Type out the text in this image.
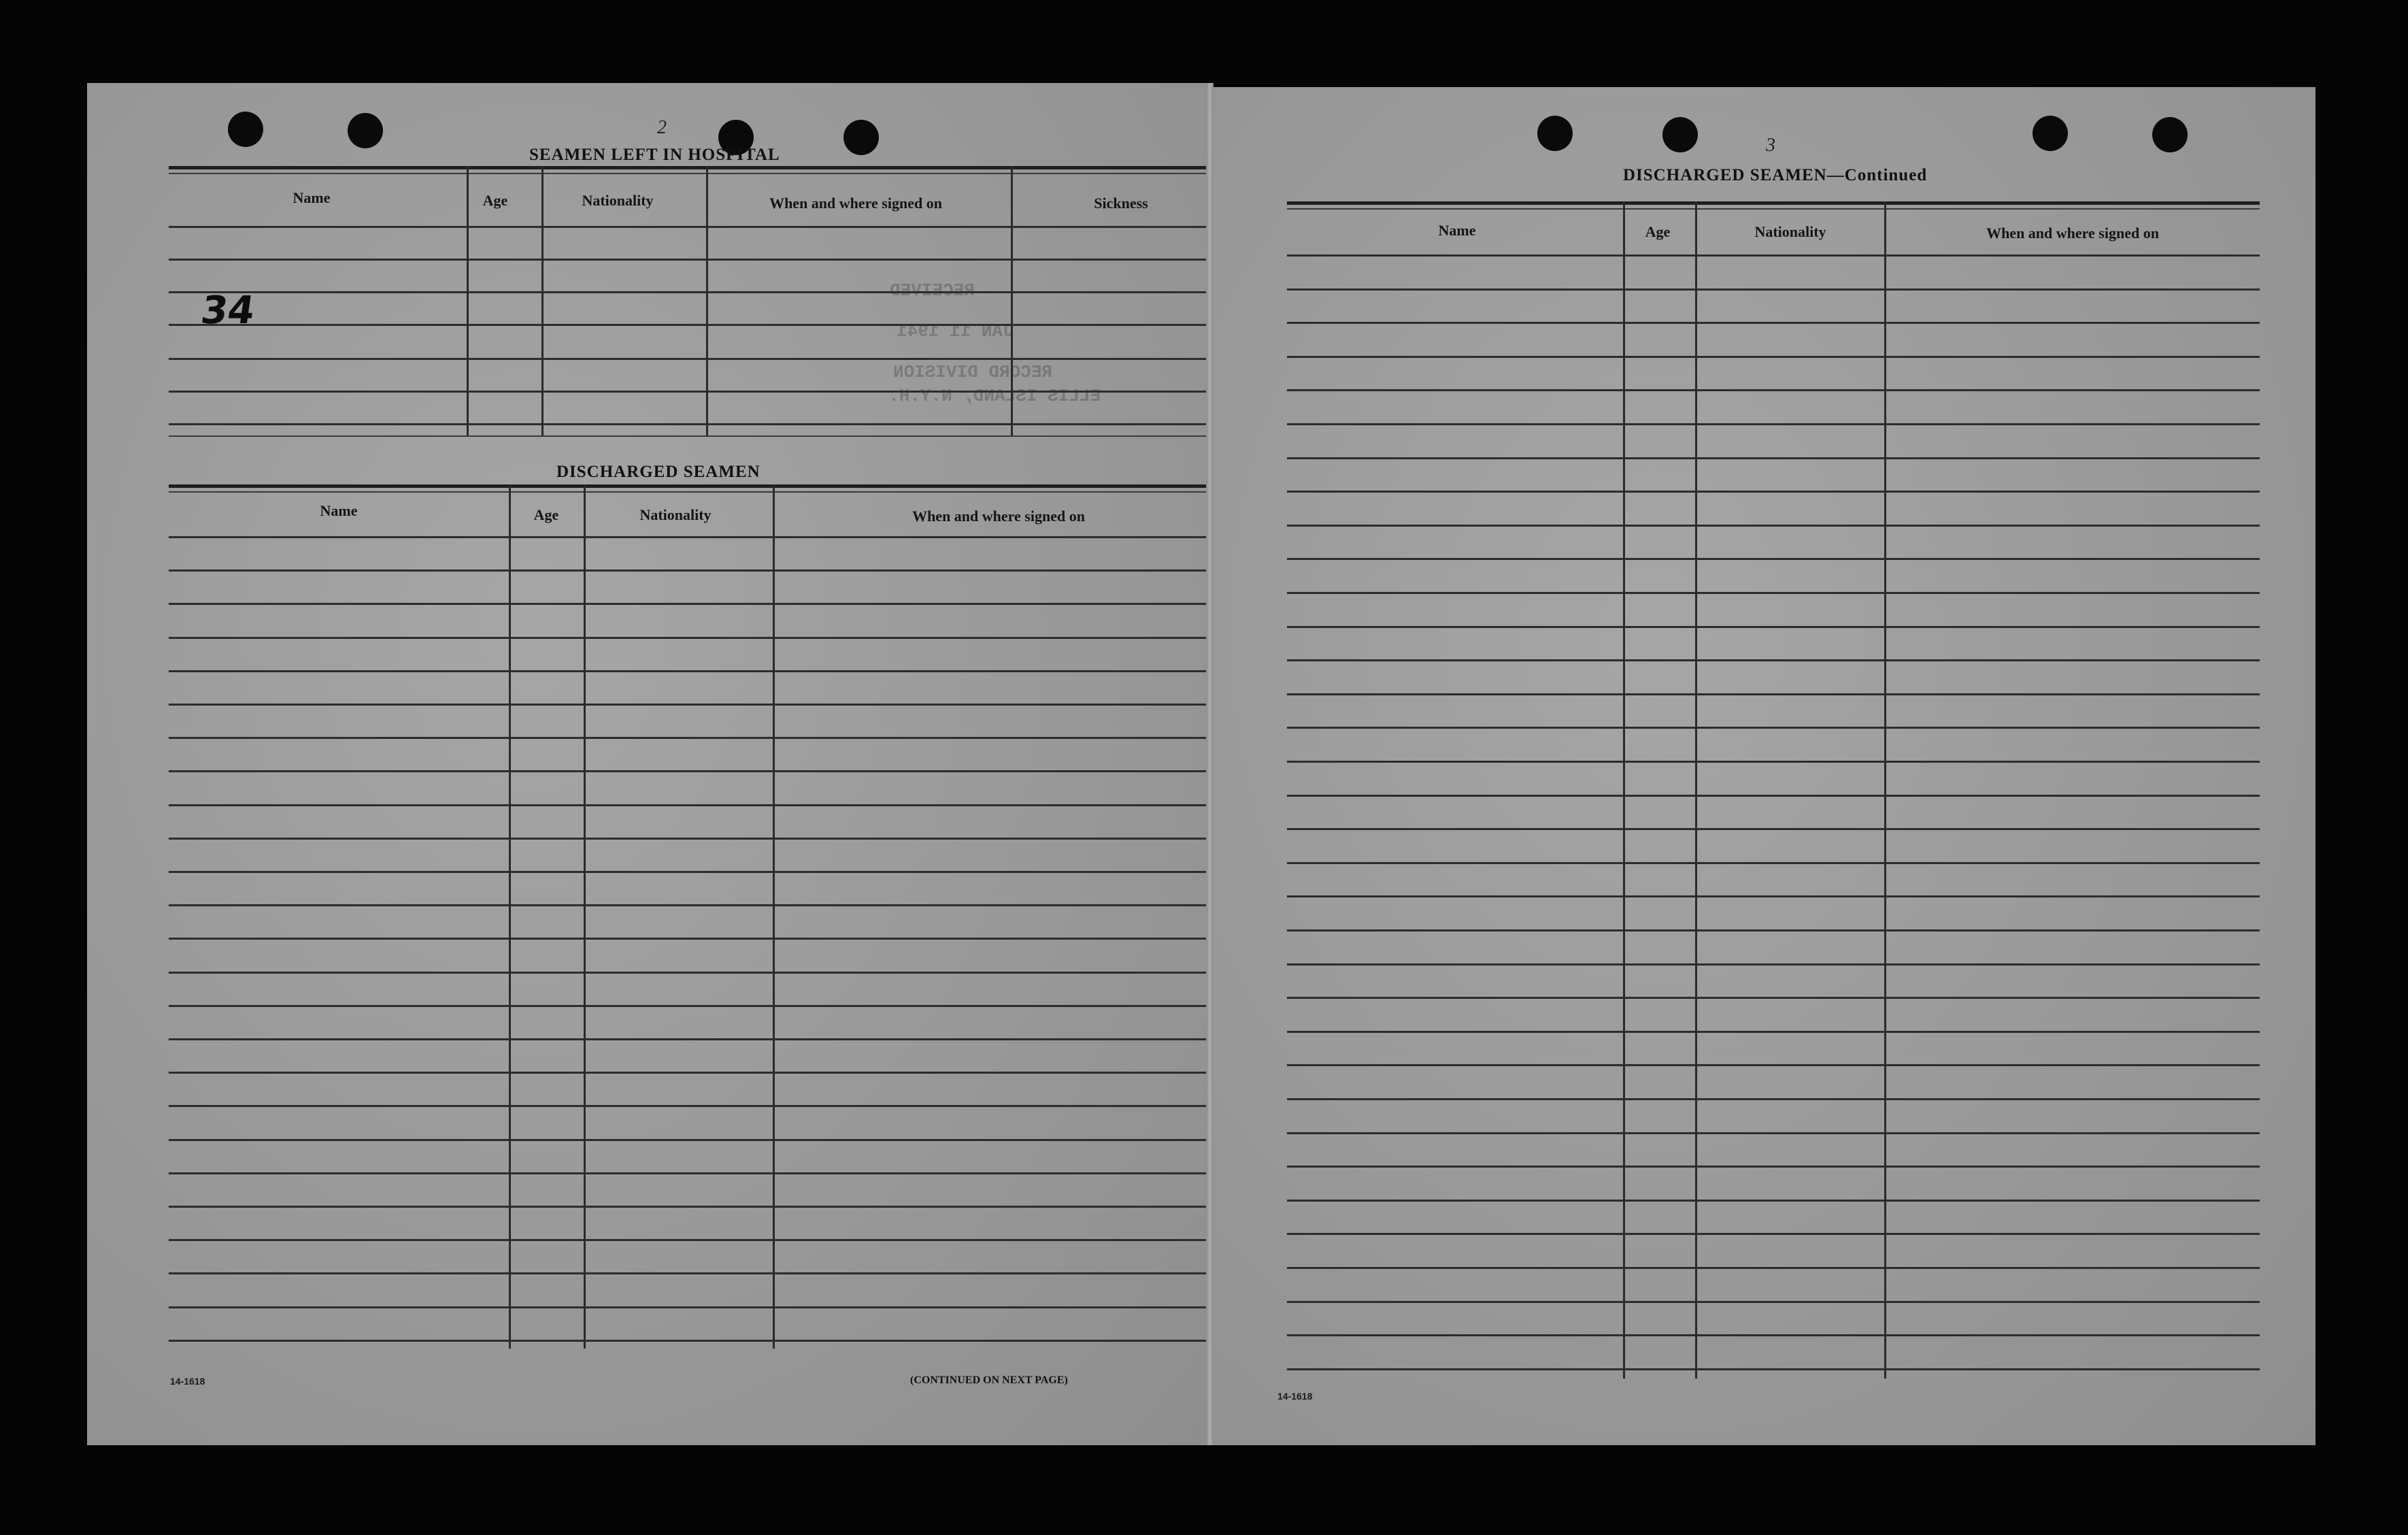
2
RECEIVED
JAN 11 1941
RECORD DIVISION
ELLIS ISLAND, N.Y.H.
SEAMEN LEFT IN HOSPITAL
Name	Age	Nationality	When and where signed on	Sickness
34
DISCHARGED SEAMEN
Name	Age	Nationality	When and where signed on
14-1618	(CONTINUED ON NEXT PAGE)
3
DISCHARGED SEAMEN—Continued
Name	Age	Nationality	When and where signed on
14-1618
